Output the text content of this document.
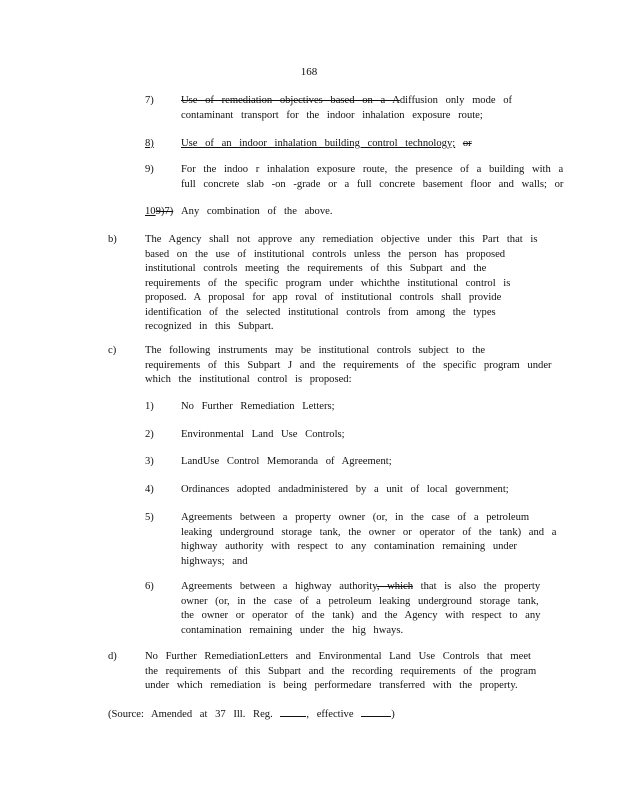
168
7)	Use of remediation objectives based on a Adiffusion only mode of
contaminant transport for the indoor inhalation exposure route;
8)	Use of an indoor inhalation building control technology; or
9)	For the indoo r inhalation exposure route, the presence of a building with a
full concrete slab -on -grade or a full concrete basement floor and walls; or
109)7) Any combination of the above.
b)	The Agency shall not approve any remediation objective under this Part that is
based on the use of institutional controls unless the person has proposed
institutional controls meeting the requirements of this Subpart and the
requirements of the specific program under whichthe institutional control is
proposed. A proposal for app roval of institutional controls shall provide
identification of the selected institutional controls from among the types
recognized in this Subpart.
c)	The following instruments may be institutional controls subject to the
requirements of this Subpart J and the requirements of the specific program under
which the institutional control is proposed:
1)	No Further Remediation Letters;
2)	Environmental Land Use Controls;
3)	LandUse Control Memoranda of Agreement;
4)	Ordinances adopted andadministered by a unit of local government;
5)	Agreements between a property owner (or, in the case of a petroleum
leaking underground storage tank, the owner or operator of the tank) and a
highway authority with respect to any contamination remaining under
highways; and
6)	Agreements between a highway authority, which that is also the property
owner (or, in the case of a petroleum leaking underground storage tank,
the owner or operator of the tank) and the Agency with respect to any
contamination remaining under the hig hways.
d)	No Further RemediationLetters and Environmental Land Use Controls that meet
the requirements of this Subpart and the recording requirements of the program
under which remediation is being performedare transferred with the property.
(Source: Amended at 37 Ill. Reg.	, effective	)
